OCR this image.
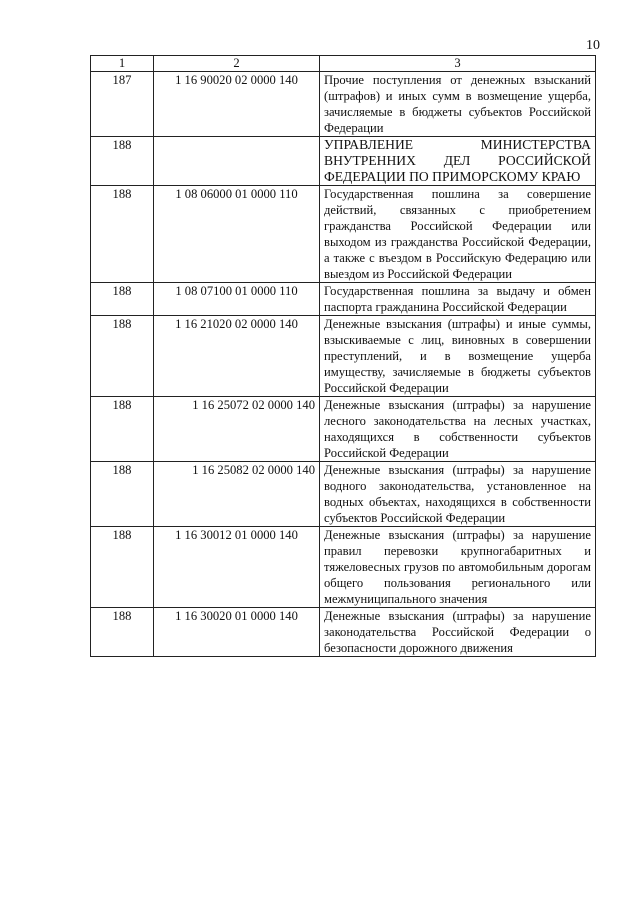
10
1	2	3
187	1 16 90020 02 0000 140	Прочие поступления от денежных взысканий (штрафов) и иных сумм в возмещение ущерба, зачисляемые в бюджеты субъектов Российской Федерации
188		УПРАВЛЕНИЕ МИНИСТЕРСТВА ВНУТРЕННИХ ДЕЛ РОССИЙСКОЙ ФЕДЕРАЦИИ ПО ПРИМОРСКОМУ КРАЮ
188	1 08 06000 01 0000 110	Государственная пошлина за совершение действий, связанных с приобретением гражданства Российской Федерации или выходом из гражданства Российской Федерации, а также с въездом в Российскую Федерацию или выездом из Российской Федерации
188	1 08 07100 01 0000 110	Государственная пошлина за выдачу и обмен паспорта гражданина Российской Федерации
188	1 16 21020 02 0000 140	Денежные взыскания (штрафы) и иные суммы, взыскиваемые с лиц, виновных в совершении преступлений, и в возмещение ущерба имуществу, зачисляемые в бюджеты субъектов Российской Федерации
188	1 16 25072 02 0000 140	Денежные взыскания (штрафы) за нарушение лесного законодательства на лесных участках, находящихся в собственности субъектов Российской Федерации
188	1 16 25082 02 0000 140	Денежные взыскания (штрафы) за нарушение водного законодательства, установленное на водных объектах, находящихся в собственности субъектов Российской Федерации
188	1 16 30012 01 0000 140	Денежные взыскания (штрафы) за нарушение правил перевозки крупногабаритных и тяжеловесных грузов по автомобильным дорогам общего пользования регионального или межмуниципального значения
188	1 16 30020 01 0000 140	Денежные взыскания (штрафы) за нарушение законодательства Российской Федерации о безопасности дорожного движения
